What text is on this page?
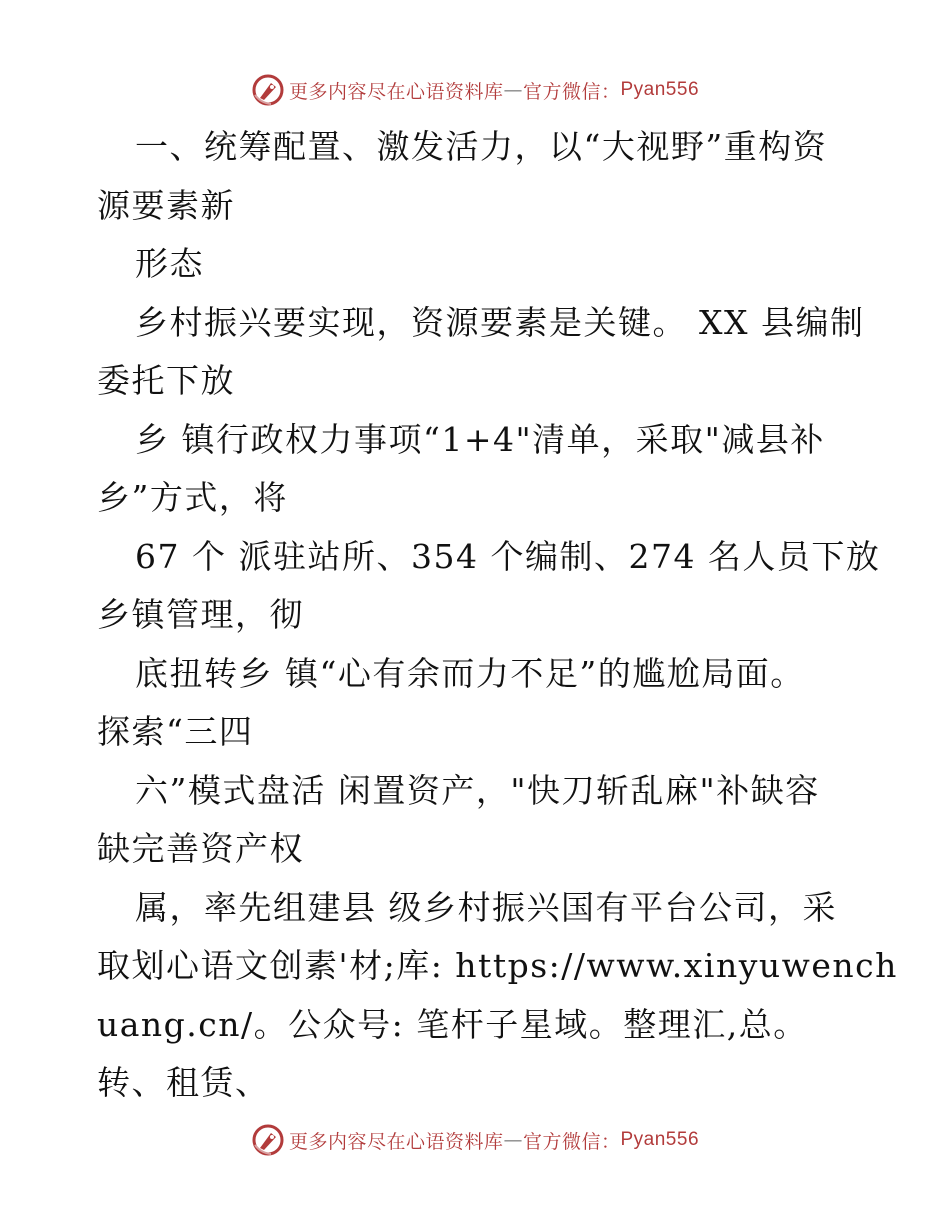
更多内容尽在心语资料库 — 官方微信： Pyan556
一、统筹配置、激发活力，以“大视野”重构资
源要素新
形态
乡村振兴要实现，资源要素是关键。 XX 县编制
委托下放
乡 镇行政权力事项“1+4"清单，采取"减县补
乡”方式，将
67 个 派驻站所、354 个编制、274 名人员下放
乡镇管理，彻
底扭转乡 镇“心有余而力不足”的尴尬局面。
探索“三四
六”模式盘活 闲置资产，"快刀斩乱麻"补缺容
缺完善资产权
属，率先组建县 级乡村振兴国有平台公司，采
取划心语文创素'材;库: https://www.xinyuwench
uang.cn/。公众号: 笔杆子星域。整理汇,总。
转、租赁、
更多内容尽在心语资料库 — 官方微信： Pyan556
